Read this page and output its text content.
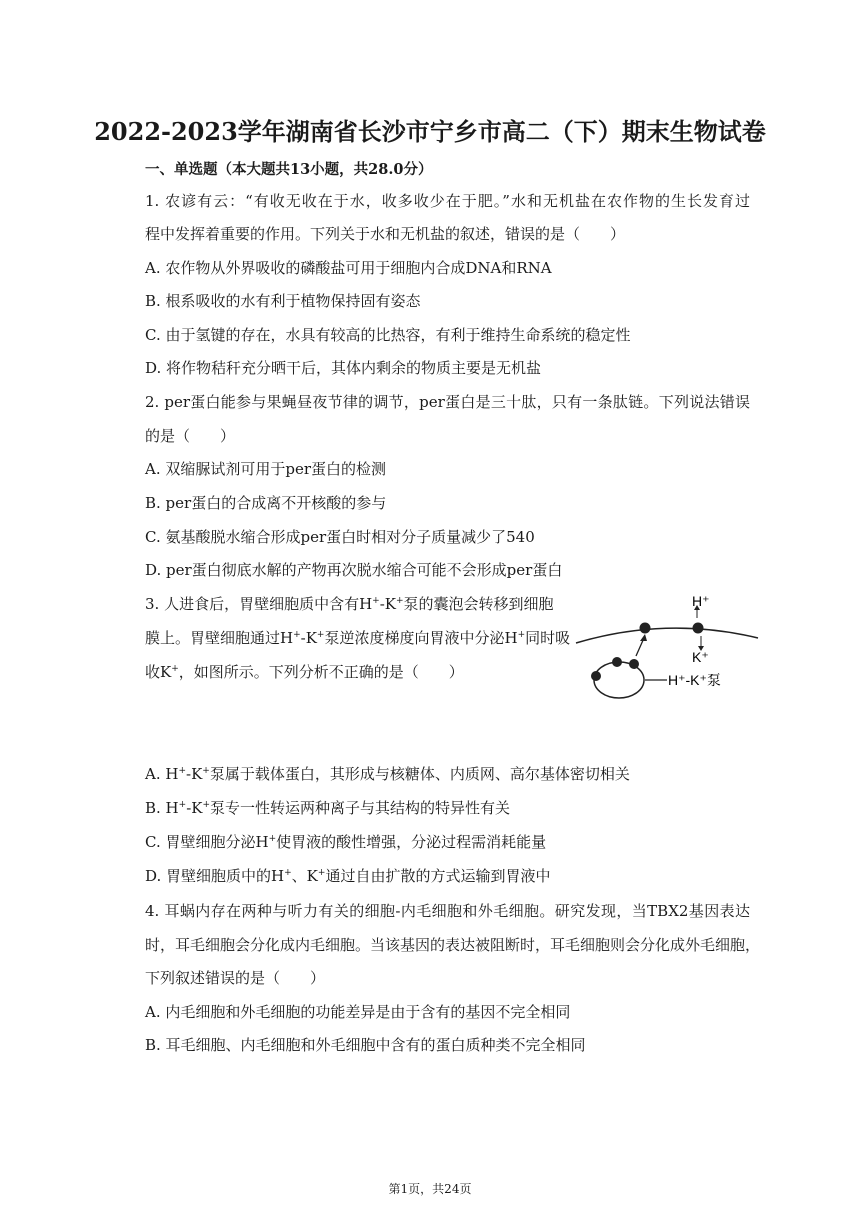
2022-2023学年湖南省长沙市宁乡市高二（下）期末生物试卷
一、单选题（本大题共13小题，共28.0分）
1. 农谚有云：“有收无收在于水，收多收少在于肥。”水和无机盐在农作物的生长发育过
程中发挥着重要的作用。下列关于水和无机盐的叙述，错误的是（　　）
A. 农作物从外界吸收的磷酸盐可用于细胞内合成DNA和RNA
B. 根系吸收的水有利于植物保持固有姿态
C. 由于氢键的存在，水具有较高的比热容，有利于维持生命系统的稳定性
D. 将作物秸秆充分晒干后，其体内剩余的物质主要是无机盐
2. per蛋白能参与果蝇昼夜节律的调节，per蛋白是三十肽，只有一条肽链。下列说法错误
的是（　　）
A. 双缩脲试剂可用于per蛋白的检测
B. per蛋白的合成离不开核酸的参与
C. 氨基酸脱水缩合形成per蛋白时相对分子质量减少了540
D. per蛋白彻底水解的产物再次脱水缩合可能不会形成per蛋白
3. 人进食后，胃壁细胞质中含有H+-K+泵的囊泡会转移到细胞
膜上。胃壁细胞通过H+-K+泵逆浓度梯度向胃液中分泌H+同时吸
收K+，如图所示。下列分析不正确的是（　　）
H⁺
K⁺
H⁺-K⁺泵
A. H+-K+泵属于载体蛋白，其形成与核糖体、内质网、高尔基体密切相关
B. H+-K+泵专一性转运两种离子与其结构的特异性有关
C. 胃壁细胞分泌H+使胃液的酸性增强，分泌过程需消耗能量
D. 胃壁细胞质中的H+、K+通过自由扩散的方式运输到胃液中
4. 耳蜗内存在两种与听力有关的细胞-内毛细胞和外毛细胞。研究发现，当TBX2基因表达
时，耳毛细胞会分化成内毛细胞。当该基因的表达被阻断时，耳毛细胞则会分化成外毛细胞，
下列叙述错误的是（　　）
A. 内毛细胞和外毛细胞的功能差异是由于含有的基因不完全相同
B. 耳毛细胞、内毛细胞和外毛细胞中含有的蛋白质种类不完全相同
第1页，共24页
